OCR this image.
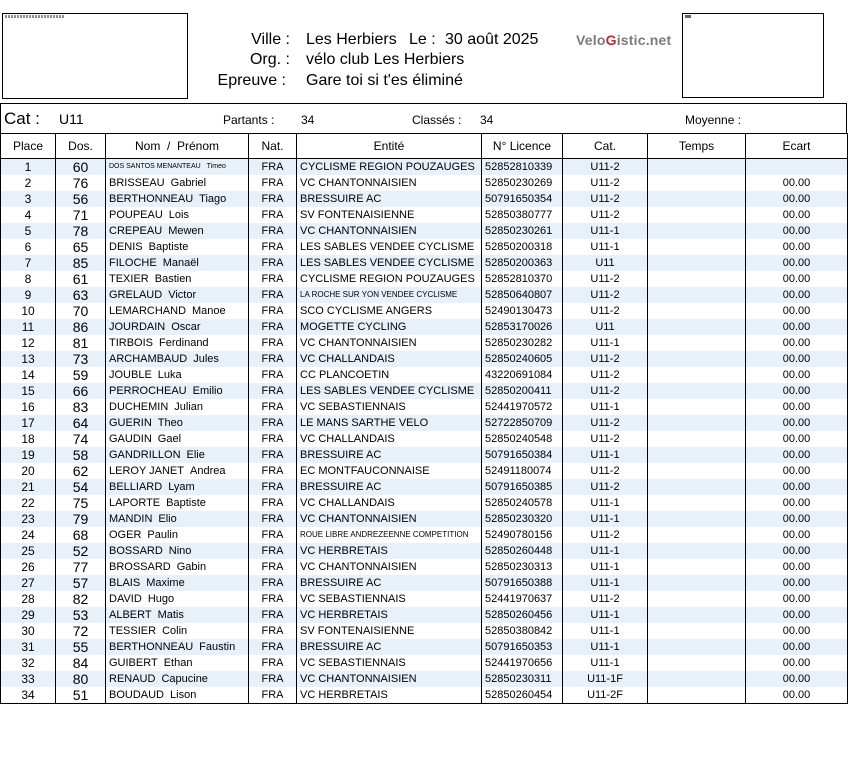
Ville : Les Herbiers Le : 30 août 2025	VeloGistic.net
Org. : vélo club Les Herbiers
Epreuve : Gare toi si t'es éliminé
Cat : U11	Partants : 34	Classés : 34	Moyenne :
Place	Dos.	Nom  /  Prénom	Nat.	Entité	N° Licence	Cat.	Temps	Ecart
1	60	DOS SANTOS MENANTEAU Timeo	FRA	CYCLISME REGION POUZAUGES	52852810339	U11-2		
2	76	BRISSEAU Gabriel	FRA	VC CHANTONNAISIEN	52850230269	U11-2		00.00
3	56	BERTHONNEAU Tiago	FRA	BRESSUIRE AC	50791650354	U11-2		00.00
4	71	POUPEAU Lois	FRA	SV FONTENAISIENNE	52850380777	U11-2		00.00
5	78	CREPEAU Mewen	FRA	VC CHANTONNAISIEN	52850230261	U11-1		00.00
6	65	DENIS Baptiste	FRA	LES SABLES VENDEE CYCLISME	52850200318	U11-1		00.00
7	85	FILOCHE Manaël	FRA	LES SABLES VENDEE CYCLISME	52850200363	U11		00.00
8	61	TEXIER Bastien	FRA	CYCLISME REGION POUZAUGES	52852810370	U11-2		00.00
9	63	GRELAUD Victor	FRA	LA ROCHE SUR YON VENDEE CYCLISME	52850640807	U11-2		00.00
10	70	LEMARCHAND Manoe	FRA	SCO CYCLISME ANGERS	52490130473	U11-2		00.00
11	86	JOURDAIN Oscar	FRA	MOGETTE CYCLING	52853170026	U11		00.00
12	81	TIRBOIS Ferdinand	FRA	VC CHANTONNAISIEN	52850230282	U11-1		00.00
13	73	ARCHAMBAUD Jules	FRA	VC CHALLANDAIS	52850240605	U11-2		00.00
14	59	JOUBLE Luka	FRA	CC PLANCOETIN	43220691084	U11-2		00.00
15	66	PERROCHEAU Emilio	FRA	LES SABLES VENDEE CYCLISME	52850200411	U11-2		00.00
16	83	DUCHEMIN Julian	FRA	VC SEBASTIENNAIS	52441970572	U11-1		00.00
17	64	GUERIN Theo	FRA	LE MANS SARTHE VELO	52722850709	U11-2		00.00
18	74	GAUDIN Gael	FRA	VC CHALLANDAIS	52850240548	U11-2		00.00
19	58	GANDRILLON Elie	FRA	BRESSUIRE AC	50791650384	U11-1		00.00
20	62	LEROY JANET Andrea	FRA	EC MONTFAUCONNAISE	52491180074	U11-2		00.00
21	54	BELLIARD Lyam	FRA	BRESSUIRE AC	50791650385	U11-2		00.00
22	75	LAPORTE Baptiste	FRA	VC CHALLANDAIS	52850240578	U11-1		00.00
23	79	MANDIN Elio	FRA	VC CHANTONNAISIEN	52850230320	U11-1		00.00
24	68	OGER Paulin	FRA	ROUE LIBRE ANDREZEENNE COMPETITION	52490780156	U11-2		00.00
25	52	BOSSARD Nino	FRA	VC HERBRETAIS	52850260448	U11-1		00.00
26	77	BROSSARD Gabin	FRA	VC CHANTONNAISIEN	52850230313	U11-1		00.00
27	57	BLAIS Maxime	FRA	BRESSUIRE AC	50791650388	U11-1		00.00
28	82	DAVID Hugo	FRA	VC SEBASTIENNAIS	52441970637	U11-2		00.00
29	53	ALBERT Matis	FRA	VC HERBRETAIS	52850260456	U11-1		00.00
30	72	TESSIER Colin	FRA	SV FONTENAISIENNE	52850380842	U11-1		00.00
31	55	BERTHONNEAU Faustin	FRA	BRESSUIRE AC	50791650353	U11-1		00.00
32	84	GUIBERT Ethan	FRA	VC SEBASTIENNAIS	52441970656	U11-1		00.00
33	80	RENAUD Capucine	FRA	VC CHANTONNAISIEN	52850230311	U11-1F		00.00
34	51	BOUDAUD Lison	FRA	VC HERBRETAIS	52850260454	U11-2F		00.00
